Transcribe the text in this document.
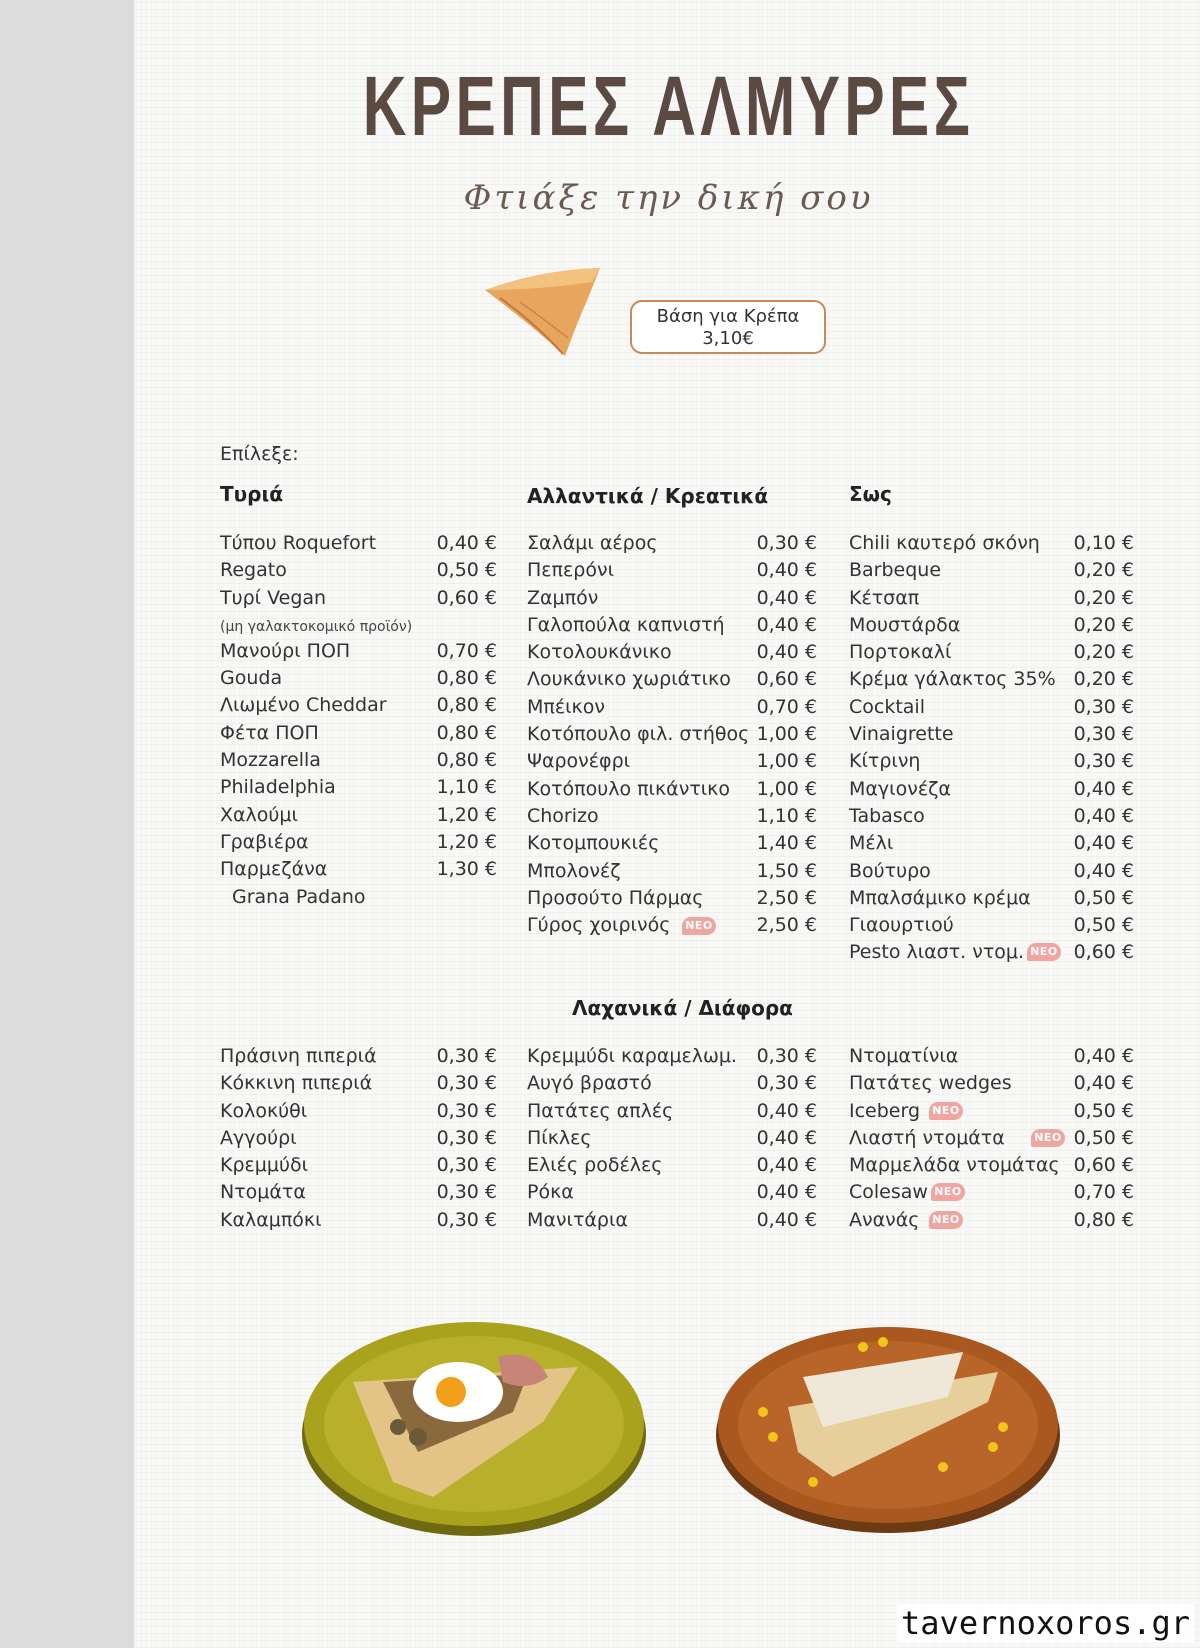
ΚΡΕΠΕΣ ΑΛΜΥΡΕΣ
Φτιάξε την δική σου
Βάση για Κρέπα
3,10€
Επίλεξε:
Τυριά	Αλλαντικά / Κρεατικά	Σως
Τύπου Roquefort	0,40 €
Regato	0,50 €
Τυρί Vegan	0,60 €
(μη γαλακτοκομικό προϊόν)
Μανούρι ΠΟΠ	0,70 €
Gouda	0,80 €
Λιωμένο Cheddar	0,80 €
Φέτα ΠΟΠ	0,80 €
Mozzarella	0,80 €
Philadelphia	1,10 €
Χαλούμι	1,20 €
Γραβιέρα	1,20 €
Παρμεζάνα	1,30 €
Grana Padano
Σαλάμι αέρος	0,30 €
Πεπερόνι	0,40 €
Ζαμπόν	0,40 €
Γαλοπούλα καπνιστή 0,40 €
Κοτολουκάνικο	0,40 €
Λουκάνικο χωριάτικο 0,60 €
Μπέικον	0,70 €
Κοτόπουλο φιλ. στήθος 1,00 €
Ψαρονέφρι	1,00 €
Κοτόπουλο πικάντικο 1,00 €
Chorizo	1,10 €
Κοτομπουκιές	1,40 €
Μπολονέζ	1,50 €
Προσούτο Πάρμας	2,50 €
Γύρος χοιρινός ΝΕΟ 2,50 €
Chili καυτερό σκόνη 0,10 €
Barbeque	0,20 €
Κέτσαπ	0,20 €
Μουστάρδα	0,20 €
Πορτοκαλί	0,20 €
Κρέμα γάλακτος 35% 0,20 €
Cocktail	0,30 €
Vinaigrette	0,30 €
Κίτρινη	0,30 €
Μαγιονέζα	0,40 €
Tabasco	0,40 €
Μέλι	0,40 €
Βούτυρο	0,40 €
Μπαλσάμικο κρέμα 0,50 €
Γιαουρτιού	0,50 €
Pesto λιαστ. ντομ. ΝΕΟ 0,60 €
Λαχανικά / Διάφορα
Πράσινη πιπεριά	0,30 €
Κόκκινη πιπεριά	0,30 €
Κολοκύθι	0,30 €
Αγγούρι	0,30 €
Κρεμμύδι	0,30 €
Ντομάτα	0,30 €
Καλαμπόκι	0,30 €
Κρεμμύδι καραμελωμ. 0,30 €
Αυγό βραστό	0,30 €
Πατάτες απλές	0,40 €
Πίκλες	0,40 €
Ελιές ροδέλες	0,40 €
Ρόκα	0,40 €
Μανιτάρια	0,40 €
Ντοματίνια	0,40 €
Πατάτες wedges	0,40 €
Iceberg ΝΕΟ	0,50 €
Λιαστή ντομάτα	ΝΕΟ 0,50 €
Μαρμελάδα ντομάτας 0,60 €
Colesaw ΝΕΟ	0,70 €
Ανανάς ΝΕΟ	0,80 €
tavernoxoros.gr
